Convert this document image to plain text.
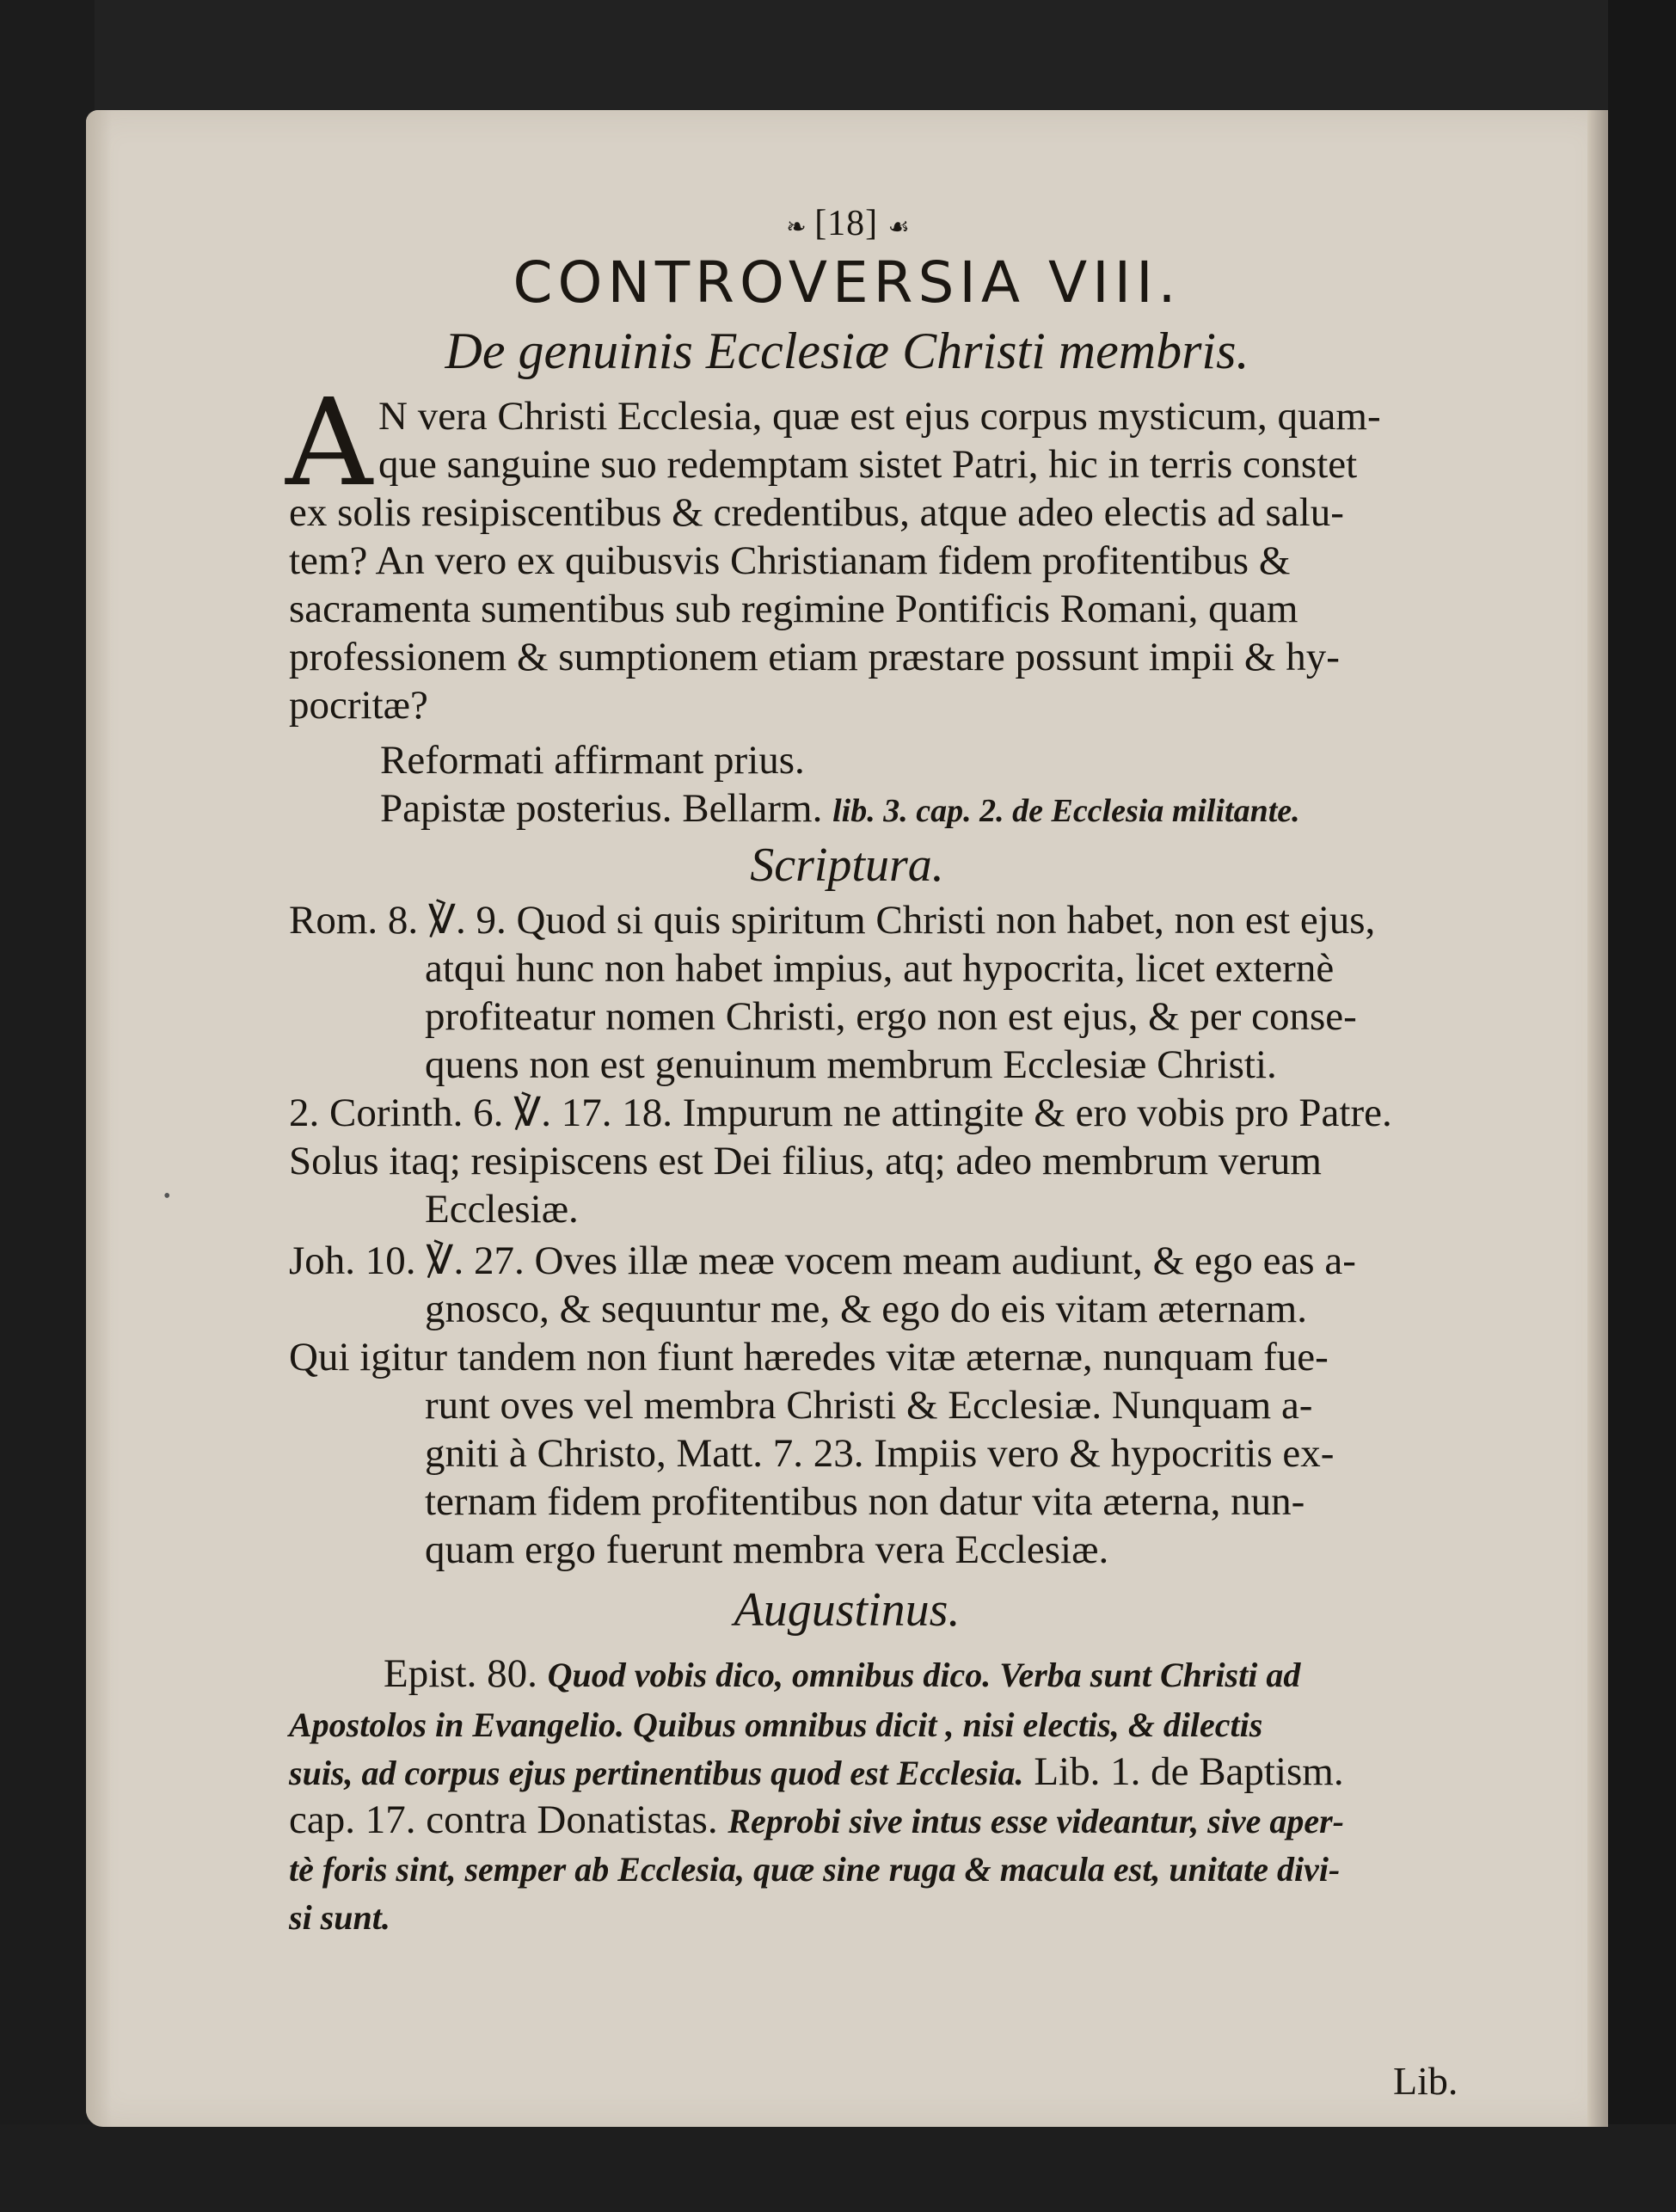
❧ [18] ☙
CONTROVERSIA VIII.
De genuinis Ecclesiæ Christi membris.
A N vera Christi Ecclesia, quæ est ejus corpus mysticum, quam-
que sanguine suo redemptam sistet Patri, hic in terris constet
ex solis resipiscentibus & credentibus, atque adeo electis ad salu-
tem? An vero ex quibusvis Christianam fidem profitentibus &
sacramenta sumentibus sub regimine Pontificis Romani, quam
professionem & sumptionem etiam præstare possunt impii & hy-
pocritæ?
Reformati affirmant prius.
Papistæ posterius. Bellarm. lib. 3. cap. 2. de Ecclesia militante.
Scriptura.
Rom. 8. ℣. 9. Quod si quis spiritum Christi non habet, non est ejus,
atqui hunc non habet impius, aut hypocrita, licet externè
profiteatur nomen Christi, ergo non est ejus, & per conse-
quens non est genuinum membrum Ecclesiæ Christi.
2. Corinth. 6. ℣. 17. 18. Impurum ne attingite & ero vobis pro Patre.
Solus itaq; resipiscens est Dei filius, atq; adeo membrum verum
Ecclesiæ.
Joh. 10. ℣. 27. Oves illæ meæ vocem meam audiunt, & ego eas a-
gnosco, & sequuntur me, & ego do eis vitam æternam.
Qui igitur tandem non fiunt hæredes vitæ æternæ, nunquam fue-
runt oves vel membra Christi & Ecclesiæ. Nunquam a-
gniti à Christo, Matt. 7. 23. Impiis vero & hypocritis ex-
ternam fidem profitentibus non datur vita æterna, nun-
quam ergo fuerunt membra vera Ecclesiæ.
Augustinus.
Epist. 80. Quod vobis dico, omnibus dico. Verba sunt Christi ad
Apostolos in Evangelio. Quibus omnibus dicit , nisi electis, & dilectis
suis, ad corpus ejus pertinentibus quod est Ecclesia. Lib. 1. de Baptism.
cap. 17. contra Donatistas. Reprobi sive intus esse videantur, sive aper-
tè foris sint, semper ab Ecclesia, quæ sine ruga & macula est, unitate divi-
si sunt.
Lib.
•
